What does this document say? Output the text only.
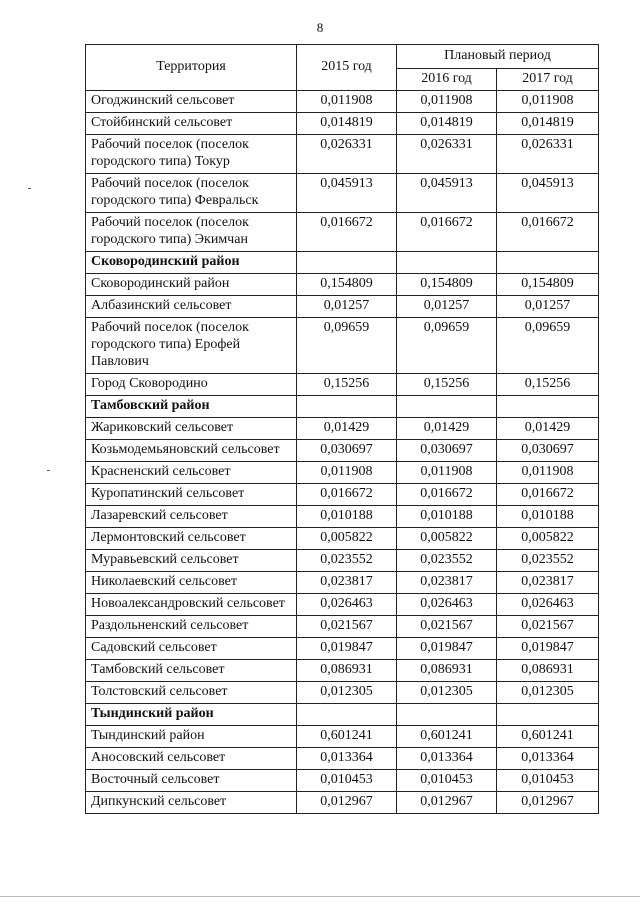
8
Территория	2015 год	Плановый период	
		2016 год	2017 год
Огоджинский сельсовет	0,011908	0,011908	0,011908
Стойбинский сельсовет	0,014819	0,014819	0,014819
Рабочий поселок (поселок городского типа) Токур	0,026331	0,026331	0,026331
Рабочий поселок (поселок городского типа) Февральск	0,045913	0,045913	0,045913
Рабочий поселок (поселок городского типа) Экимчан	0,016672	0,016672	0,016672
Сковородинский район			
Сковородинский район	0,154809	0,154809	0,154809
Албазинский сельсовет	0,01257	0,01257	0,01257
Рабочий поселок (поселок городского типа) Ерофей Павлович	0,09659	0,09659	0,09659
Город Сковородино	0,15256	0,15256	0,15256
Тамбовский район			
Жариковский сельсовет	0,01429	0,01429	0,01429
Козьмодемьяновский сельсовет	0,030697	0,030697	0,030697
Красненский сельсовет	0,011908	0,011908	0,011908
Куропатинский сельсовет	0,016672	0,016672	0,016672
Лазаревский сельсовет	0,010188	0,010188	0,010188
Лермонтовский сельсовет	0,005822	0,005822	0,005822
Муравьевский сельсовет	0,023552	0,023552	0,023552
Николаевский сельсовет	0,023817	0,023817	0,023817
Новоалександровский сельсовет	0,026463	0,026463	0,026463
Раздольненский сельсовет	0,021567	0,021567	0,021567
Садовский сельсовет	0,019847	0,019847	0,019847
Тамбовский сельсовет	0,086931	0,086931	0,086931
Толстовский сельсовет	0,012305	0,012305	0,012305
Тындинский район			
Тындинский район	0,601241	0,601241	0,601241
Аносовский сельсовет	0,013364	0,013364	0,013364
Восточный сельсовет	0,010453	0,010453	0,010453
Дипкунский сельсовет	0,012967	0,012967	0,012967
